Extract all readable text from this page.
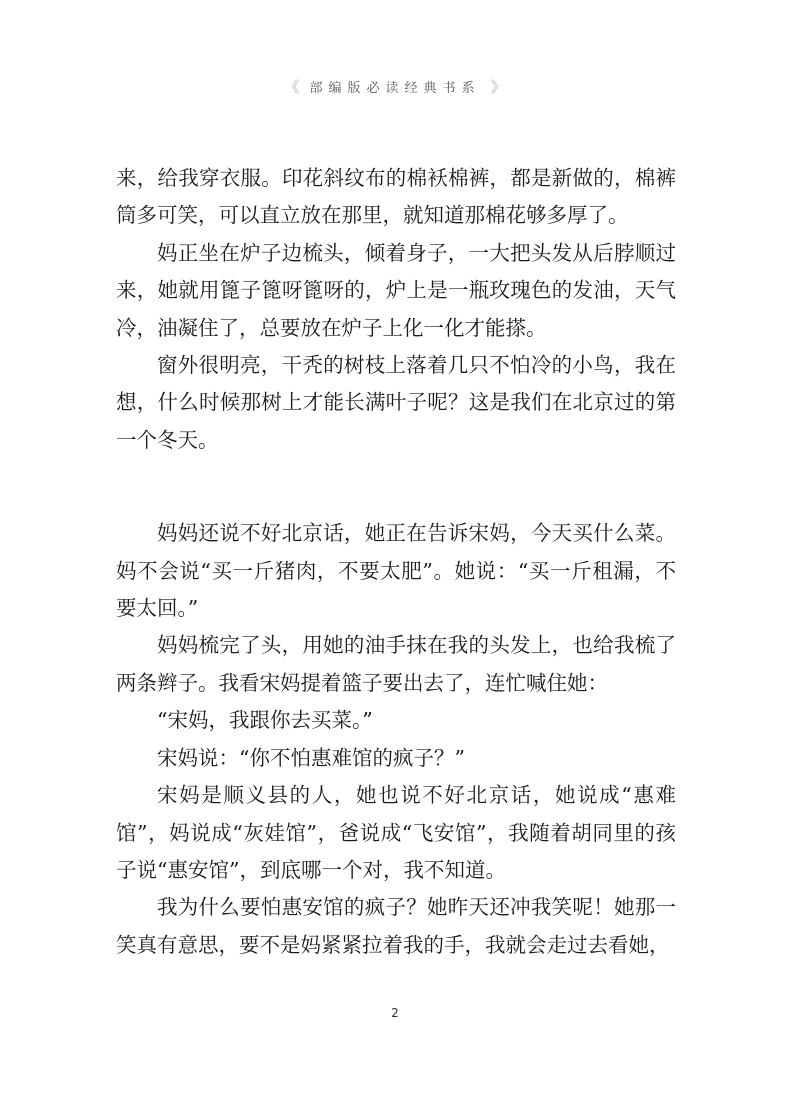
《 部编版必读经典书系 》

来，给我穿衣服。印花斜纹布的棉袄棉裤，都是新做的，棉裤筒多可笑，可以直立放在那里，就知道那棉花够多厚了。

妈正坐在炉子边梳头，倾着身子，一大把头发从后脖顺过来，她就用篦子篦呀篦呀的，炉上是一瓶玫瑰色的发油，天气冷，油凝住了，总要放在炉子上化一化才能搽。

窗外很明亮，干秃的树枝上落着几只不怕冷的小鸟，我在想，什么时候那树上才能长满叶子呢？这是我们在北京过的第一个冬天。

妈妈还说不好北京话，她正在告诉宋妈，今天买什么菜。妈不会说“买一斤猪肉，不要太肥”。她说：“买一斤租漏，不要太回。”

妈妈梳完了头，用她的油手抹在我的头发上，也给我梳了两条辫子。我看宋妈提着篮子要出去了，连忙喊住她：

“宋妈，我跟你去买菜。”

宋妈说：“你不怕惠难馆的疯子？”

宋妈是顺义县的人，她也说不好北京话，她说成“惠难馆”，妈说成“灰娃馆”，爸说成“飞安馆”，我随着胡同里的孩子说“惠安馆”，到底哪一个对，我不知道。

我为什么要怕惠安馆的疯子？她昨天还冲我笑呢！她那一笑真有意思，要不是妈紧紧拉着我的手，我就会走过去看她，

2
